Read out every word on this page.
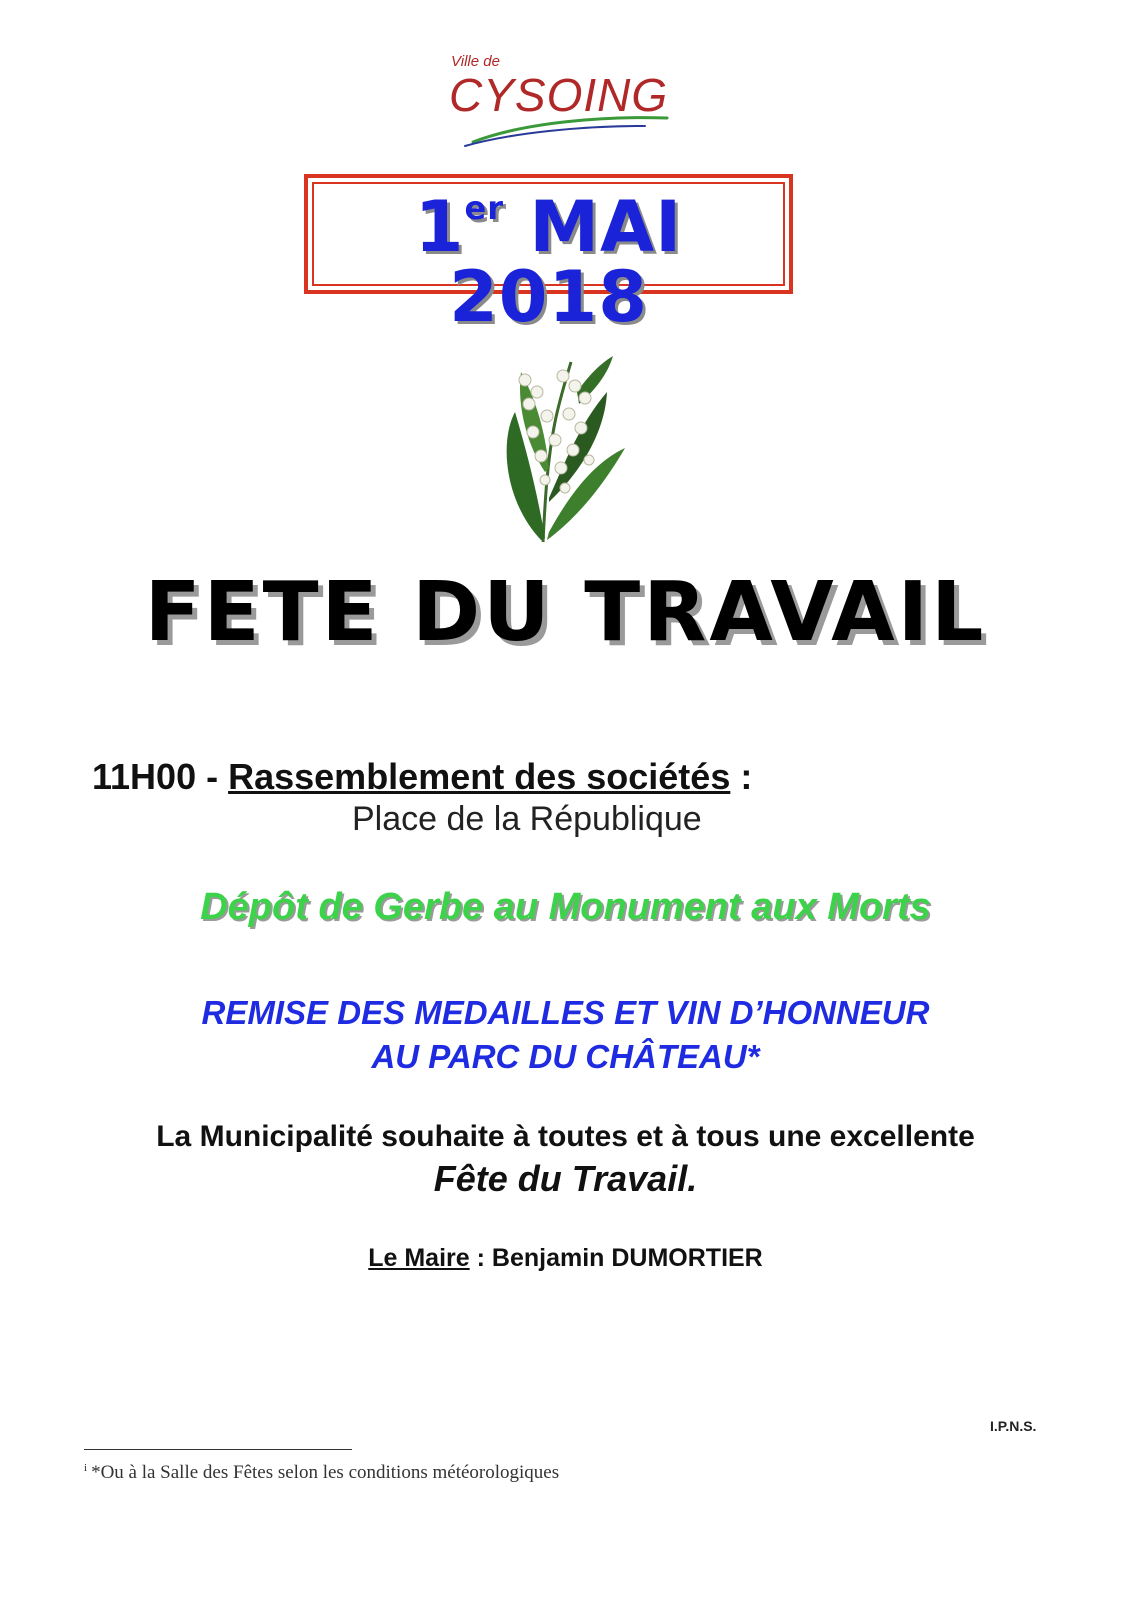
Ville de
CYSOING
1er MAI 2018
FETE DU TRAVAIL
11H00 - Rassemblement des sociétés :
Place de la République
Dépôt de Gerbe au Monument aux Morts
REMISE DES MEDAILLES ET VIN D’HONNEUR
AU PARC DU CHÂTEAU*
La Municipalité souhaite à toutes et à tous une excellente
Fête du Travail.
Le Maire : Benjamin DUMORTIER
I.P.N.S.
$^i$ *Ou à la Salle des Fêtes selon les conditions météorologiques
